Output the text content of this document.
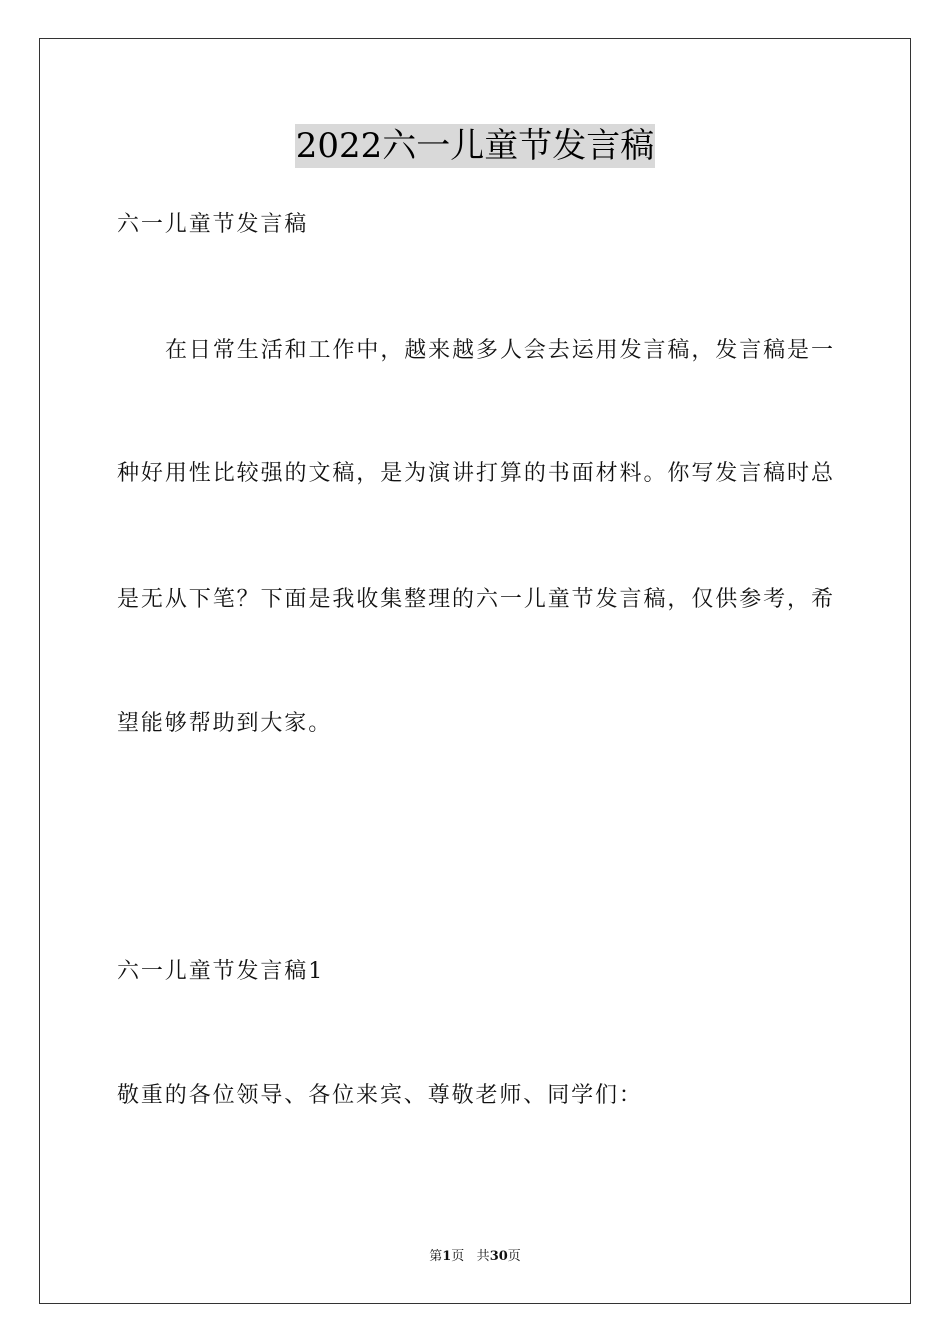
2022六一儿童节发言稿
六一儿童节发言稿
在日常生活和工作中，越来越多人会去运用发言稿，发言稿是一
种好用性比较强的文稿，是为演讲打算的书面材料。你写发言稿时总
是无从下笔？下面是我收集整理的六一儿童节发言稿，仅供参考，希
望能够帮助到大家。
六一儿童节发言稿1
敬重的各位领导、各位来宾、尊敬老师、同学们：
第1页 共30页
